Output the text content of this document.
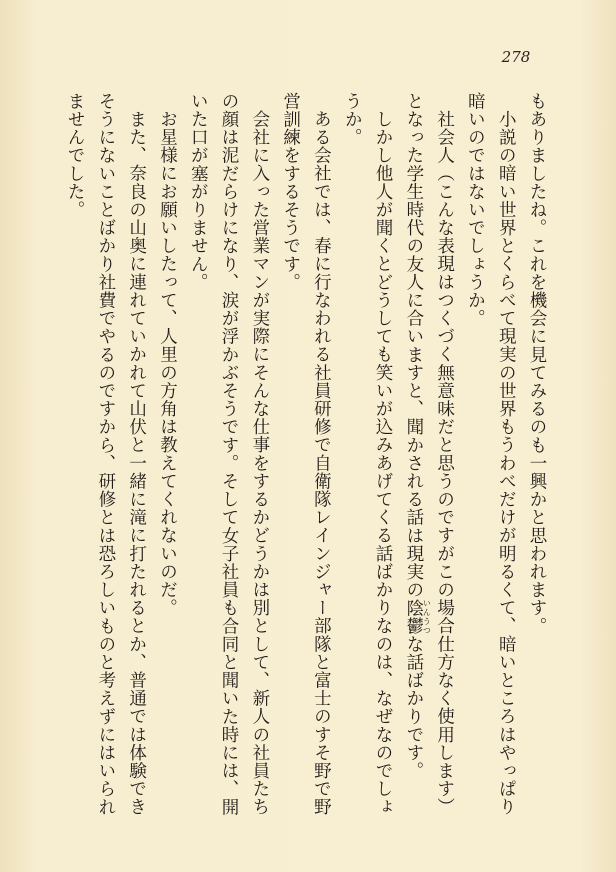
278

もありましたね。これを機会に見てみるのも一興かと思われます。

小説の暗い世界とくらべて現実の世界もうわべだけが明るくて、暗いところはやっぱり暗いのではないでしょうか。

社会人（こんな表現はつくづく無意味だと思うのですがこの場合仕方なく使用します）となった学生時代の友人に合いますと、聞かされる話は現実の陰鬱いんうつな話ばかりです。

しかし他人が聞くとどうしても笑いが込みあげてくる話ばかりなのは、なぜなのでしょうか。

ある会社では、春に行なわれる社員研修で自衛隊レインジャー部隊と富士のすそ野で野営訓練をするそうです。

会社に入った営業マンが実際にそんな仕事をするかどうかは別として、新人の社員たちの顔は泥だらけになり、涙が浮かぶそうです。そして女子社員も合同と聞いた時には、開いた口が塞がりません。

お星様にお願いしたって、人里の方角は教えてくれないのだ。

また、奈良の山奥に連れていかれて山伏と一緒に滝に打たれるとか、普通では体験できそうにないことばかり社費でやるのですから、研修とは恐ろしいものと考えずにはいられませんでした。
